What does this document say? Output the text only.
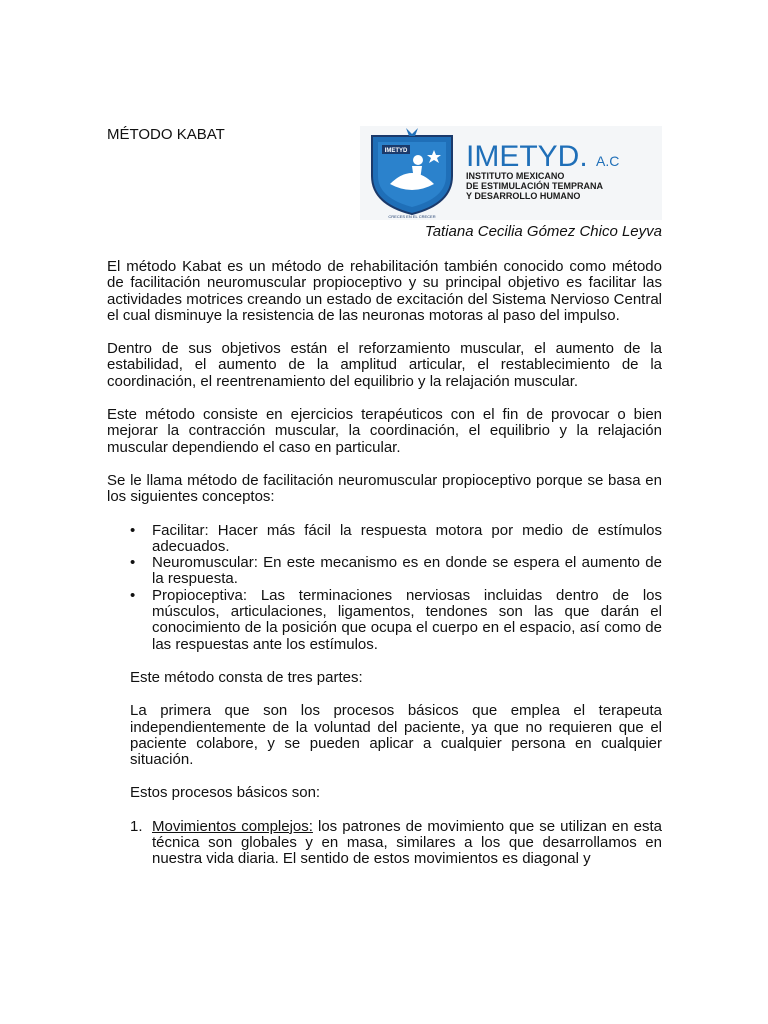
MÉTODO KABAT
IMETYD
CRECES EN EL CRECER
IMETYD. A.C
INSTITUTO MEXICANO
DE ESTIMULACIÓN TEMPRANA
Y DESARROLLO HUMANO
Tatiana Cecilia Gómez Chico Leyva

El método Kabat es un método de rehabilitación también conocido como método de facilitación neuromuscular propioceptivo y su principal objetivo es facilitar las actividades motrices creando un estado de excitación del Sistema Nervioso Central el cual disminuye la resistencia de las neuronas motoras al paso del impulso.

Dentro de sus objetivos están el reforzamiento muscular, el aumento de la estabilidad, el aumento de la amplitud articular, el restablecimiento de la coordinación, el reentrenamiento del equilibrio y la relajación muscular.

Este método consiste en ejercicios terapéuticos con el fin de provocar o bien mejorar la contracción muscular, la coordinación, el equilibrio y la relajación muscular dependiendo el caso en particular.

Se le llama método de facilitación neuromuscular propioceptivo porque se basa en los siguientes conceptos:

• Facilitar: Hacer más fácil la respuesta motora por medio de estímulos adecuados.
• Neuromuscular: En este mecanismo es en donde se espera el aumento de la respuesta.
• Propioceptiva: Las terminaciones nerviosas incluidas dentro de los músculos, articulaciones, ligamentos, tendones son las que darán el conocimiento de la posición que ocupa el cuerpo en el espacio, así como de las respuestas ante los estímulos.

Este método consta de tres partes:

La primera que son los procesos básicos que emplea el terapeuta independientemente de la voluntad del paciente, ya que no requieren que el paciente colabore, y se pueden aplicar a cualquier persona en cualquier situación.

Estos procesos básicos son:

1. Movimientos complejos: los patrones de movimiento que se utilizan en esta técnica son globales y en masa, similares a los que desarrollamos en nuestra vida diaria. El sentido de estos movimientos es diagonal y
